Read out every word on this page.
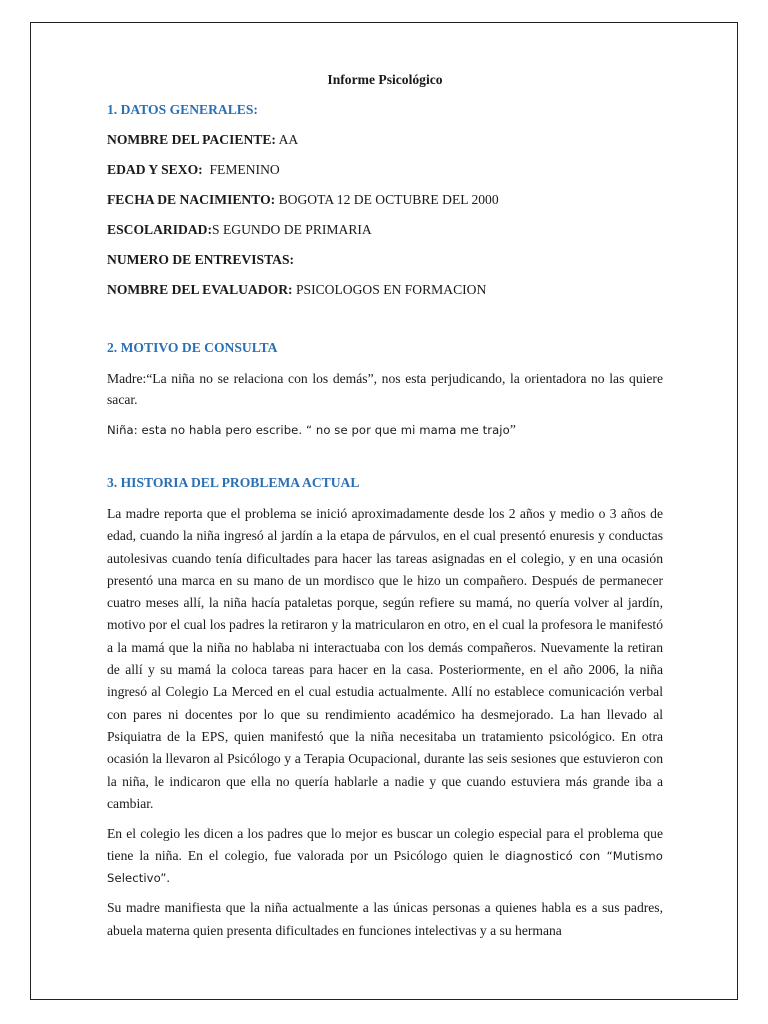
Informe Psicológico
1. DATOS GENERALES:
NOMBRE DEL PACIENTE: AA
EDAD Y SEXO:  FEMENINO
FECHA DE NACIMIENTO: BOGOTA 12 DE OCTUBRE DEL 2000
ESCOLARIDAD:S EGUNDO DE PRIMARIA
NUMERO DE ENTREVISTAS:
NOMBRE DEL EVALUADOR: PSICOLOGOS EN FORMACION
2. MOTIVO DE CONSULTA

Madre:“La niña no se relaciona con los demás”, nos esta perjudicando, la orientadora no las quiere sacar.

Niña: esta no habla pero escribe. “ no se por que mi mama me trajo”

3. HISTORIA DEL PROBLEMA ACTUAL

La madre reporta que el problema se inició aproximadamente desde los 2 años y medio o 3 años de edad, cuando la niña ingresó al jardín a la etapa de párvulos, en el cual presentó enuresis y conductas autolesivas cuando tenía dificultades para hacer las tareas asignadas en el colegio, y en una ocasión presentó una marca en su mano de un mordisco que le hizo un compañero. Después de permanecer cuatro meses allí, la niña hacía pataletas porque, según refiere su mamá, no quería volver al jardín, motivo por el cual los padres la retiraron y la matricularon en otro, en el cual la profesora le manifestó a la mamá que la niña no hablaba ni interactuaba con los demás compañeros. Nuevamente la retiran de allí y su mamá la coloca tareas para hacer en la casa. Posteriormente, en el año 2006, la niña ingresó al Colegio La Merced en el cual estudia actualmente. Allí no establece comunicación verbal con pares ni docentes por lo que su rendimiento académico ha desmejorado. La han llevado al Psiquiatra de la EPS, quien manifestó que la niña necesitaba un tratamiento psicológico. En otra ocasión la llevaron al Psicólogo y a Terapia Ocupacional, durante las seis sesiones que estuvieron con la niña, le indicaron que ella no quería hablarle a nadie y que cuando estuviera más grande iba a cambiar.

En el colegio les dicen a los padres que lo mejor es buscar un colegio especial para el problema que tiene la niña. En el colegio, fue valorada por un Psicólogo quien le diagnosticó con “Mutismo Selectivo”.

Su madre manifiesta que la niña actualmente a las únicas personas a quienes habla es a sus padres, abuela materna quien presenta dificultades en funciones intelectivas y a su hermana
